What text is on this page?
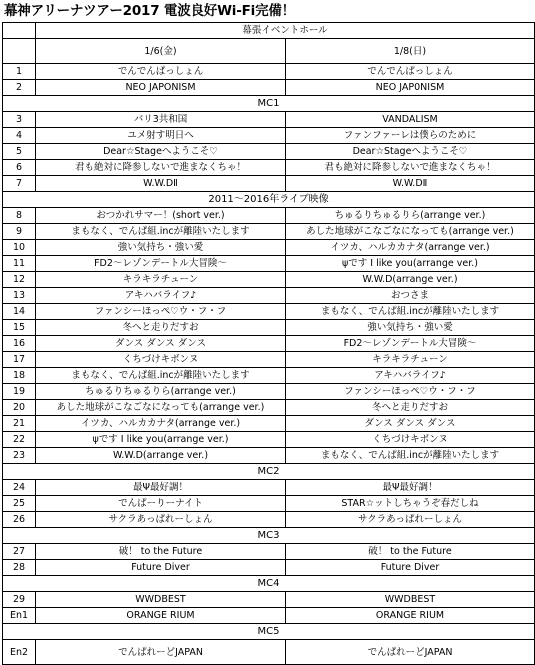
幕神アリーナツアー2017 電波良好Wi-Fi完備！
	幕張イベントホール	
	1/6(金)	1/8(日)
1	でんでんぱっしょん	でんでんぱっしょん
2	NEO JAPONISM	NEO JAP0NISM
MC1		
3	バリ3共和国	VANDALISM
4	ユメ射す明日へ	ファンファーレは僕らのために
5	Dear☆Stageへようこそ♡	Dear☆Stageへようこそ♡
6	君も絶対に降参しないで進まなくちゃ！	君も絶対に降参しないで進まなくちゃ！
7	W.W.DⅡ	W.W.DⅡ
2011～2016年ライブ映像		
8	おつかれサマー！(short ver.)	ちゅるりちゅるりら(arrange ver.)
9	まもなく、でんぱ組.incが離陸いたします	あした地球がこなごなになっても(arrange ver.)
10	強い気持ち・強い愛	イツカ、ハルカカナタ(arrange ver.)
11	FD2～レゾンデートル大冒険～	ψです I like you(arrange ver.)
12	キラキラチューン	W.W.D(arrange ver.)
13	アキハバライフ♪	おつさま
14	ファンシーほっぺ♡ウ・フ・フ	まもなく、でんぱ組.incが離陸いたします
15	冬へと走りだすお	強い気持ち・強い愛
16	ダンス ダンス ダンス	FD2～レゾンデートル大冒険～
17	くちづけキボンヌ	キラキラチューン
18	まもなく、でんぱ組.incが離陸いたします	アキハバライフ♪
19	ちゅるりちゅるりら(arrange ver.)	ファンシーほっぺ♡ウ・フ・フ
20	あした地球がこなごなになっても(arrange ver.)	冬へと走りだすお
21	イツカ、ハルカカナタ(arrange ver.)	ダンス ダンス ダンス
22	ψです I like you(arrange ver.)	くちづけキボンヌ
23	W.W.D(arrange ver.)	まもなく、でんぱ組.incが離陸いたします
MC2		
24	最Ψ最好調！	最Ψ最好調！
25	でんぱーりーナイト	STAR☆ットしちゃうぞ春だしね
26	サクラあっぱれーしょん	サクラあっぱれーしょん
MC3		
27	破！ to the Future	破！ to the Future
28	Future Diver	Future Diver
MC4		
29	WWDBEST	WWDBEST
En1	ORANGE RIUM	ORANGE RIUM
MC5		
En2	でんぱれーどJAPAN	でんぱれーどJAPAN
